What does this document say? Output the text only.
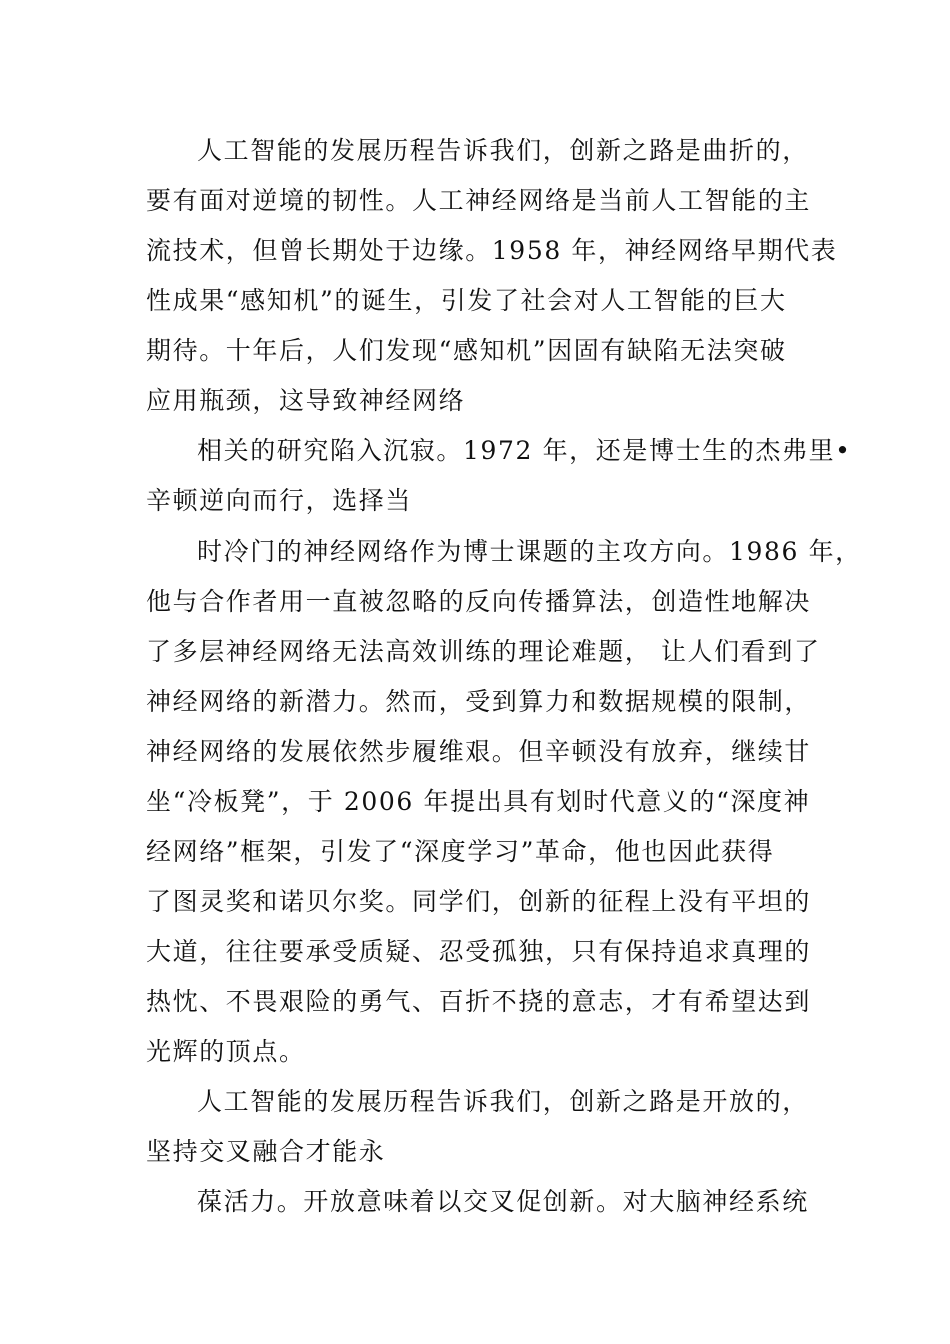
人工智能的发展历程告诉我们，创新之路是曲折的，
要有面对逆境的韧性。人工神经网络是当前人工智能的主
流技术，但曾长期处于边缘。1958 年，神经网络早期代表
性成果“感知机”的诞生，引发了社会对人工智能的巨大
期待。十年后，人们发现“感知机”因固有缺陷无法突破
应用瓶颈，这导致神经网络
相关的研究陷入沉寂。1972 年，还是博士生的杰弗里•
辛顿逆向而行，选择当
时冷门的神经网络作为博士课题的主攻方向。1986 年，
他与合作者用一直被忽略的反向传播算法，创造性地解决
了多层神经网络无法高效训练的理论难题， 让人们看到了
神经网络的新潜力。然而，受到算力和数据规模的限制，
神经网络的发展依然步履维艰。但辛顿没有放弃，继续甘
坐“冷板凳”，于 2006 年提出具有划时代意义的“深度神
经网络”框架，引发了“深度学习”革命，他也因此获得
了图灵奖和诺贝尔奖。同学们，创新的征程上没有平坦的
大道，往往要承受质疑、忍受孤独，只有保持追求真理的
热忱、不畏艰险的勇气、百折不挠的意志，才有希望达到
光辉的顶点。
人工智能的发展历程告诉我们，创新之路是开放的，
坚持交叉融合才能永
葆活力。开放意味着以交叉促创新。对大脑神经系统
